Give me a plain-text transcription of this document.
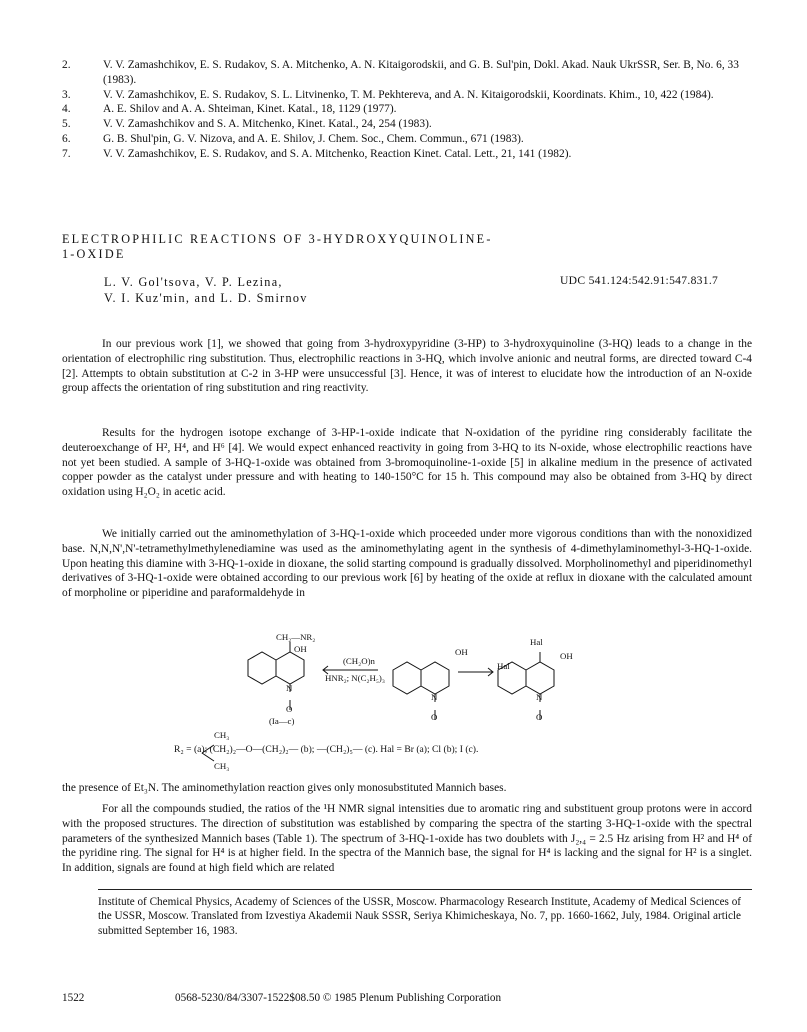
2.	V. V. Zamashchikov, E. S. Rudakov, S. A. Mitchenko, A. N. Kitaigorodskii, and G. B. Sul'pin, Dokl. Akad. Nauk UkrSSR, Ser. B, No. 6, 33 (1983).
3.	V. V. Zamashchikov, E. S. Rudakov, S. L. Litvinenko, T. M. Pekhtereva, and A. N. Kitaigorodskii, Koordinats. Khim., 10, 422 (1984).
4.	A. E. Shilov and A. A. Shteiman, Kinet. Katal., 18, 1129 (1977).
5.	V. V. Zamashchikov and S. A. Mitchenko, Kinet. Katal., 24, 254 (1983).
6.	G. B. Shul'pin, G. V. Nizova, and A. E. Shilov, J. Chem. Soc., Chem. Commun., 671 (1983).
7.	V. V. Zamashchikov, E. S. Rudakov, and S. A. Mitchenko, Reaction Kinet. Catal. Lett., 21, 141 (1982).
ELECTROPHILIC REACTIONS OF 3-HYDROXYQUINOLINE-
1-OXIDE
L. V. Gol'tsova, V. P. Lezina,
V. I. Kuz'min, and L. D. Smirnov
UDC 541.124:542.91:547.831.7

In our previous work [1], we showed that going from 3-hydroxypyridine (3-HP) to 3-hydroxyquinoline (3-HQ) leads to a change in the orientation of electrophilic ring substitution. Thus, electrophilic reactions in 3-HQ, which involve anionic and neutral forms, are directed toward C-4 [2]. Attempts to obtain substitution at C-2 in 3-HP were unsuccessful [3]. Hence, it was of interest to elucidate how the introduction of an N-oxide group affects the orientation of ring substitution and ring reactivity.

Results for the hydrogen isotope exchange of 3-HP-1-oxide indicate that N-oxidation of the pyridine ring considerably facilitate the deuteroexchange of H², H⁴, and H⁶ [4]. We would expect enhanced reactivity in going from 3-HQ to its N-oxide, whose electrophilic reactions have not yet been studied. A sample of 3-HQ-1-oxide was obtained from 3-bromoquinoline-1-oxide [5] in alkaline medium in the presence of activated copper powder as the catalyst under pressure and with heating to 140-150°C for 15 h. This compound may also be obtained from 3-HQ by direct oxidation using H₂O₂ in acetic acid.

We initially carried out the aminomethylation of 3-HQ-1-oxide which proceeded under more vigorous conditions than with the nonoxidized base. N,N,N',N'-tetramethylmethylenediamine was used as the aminomethylating agent in the synthesis of 4-dimethylaminomethyl-3-HQ-1-oxide. Upon heating this diamine with 3-HQ-1-oxide in dioxane, the solid starting compound is gradually dissolved. Morpholinomethyl and piperidinomethyl derivatives of 3-HQ-1-oxide were obtained according to our previous work [6] by heating of the oxide at reflux in dioxane with the calculated amount of morpholine or piperidine and paraformaldehyde in

CH₂—NR₂
OH
N
O
(Ia—c)
(CH₂O)n
HNR₂; N(C₂H₅)₃
OH
N
O
Hal
Hal
OH
N
O
CH₃
CH₃
R₂ = (a); (CH₂)₂—O—(CH₂)₂— (b); —(CH₂)₅— (c). Hal = Br (a); Cl (b); I (c).

the presence of Et₃N. The aminomethylation reaction gives only monosubstituted Mannich bases.

For all the compounds studied, the ratios of the ¹H NMR signal intensities due to aromatic ring and substituent group protons were in accord with the proposed structures. The direction of substitution was established by comparing the spectra of the starting 3-HQ-1-oxide with the spectral parameters of the synthesized Mannich bases (Table 1). The spectrum of 3-HQ-1-oxide has two doublets with J₂,₄ = 2.5 Hz arising from H² and H⁴ of the pyridine ring. The signal for H⁴ is at higher field. In the spectra of the Mannich base, the signal for H⁴ is lacking and the signal for H² is a singlet. In addition, signals are found at high field which are related

Institute of Chemical Physics, Academy of Sciences of the USSR, Moscow. Pharmacology Research Institute, Academy of Medical Sciences of the USSR, Moscow. Translated from Izvestiya Akademii Nauk SSSR, Seriya Khimicheskaya, No. 7, pp. 1660-1662, July, 1984. Original article submitted September 16, 1983.
1522	0568-5230/84/3307-1522$08.50 © 1985 Plenum Publishing Corporation
